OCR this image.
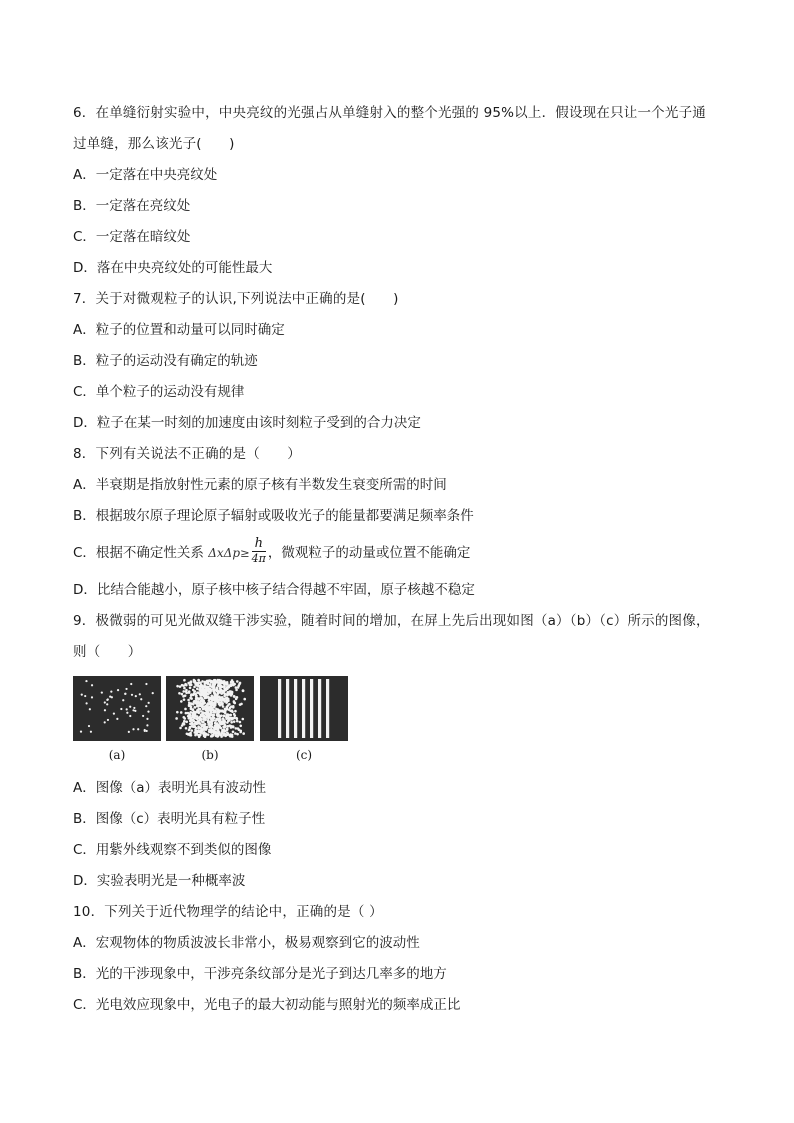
6．在单缝衍射实验中，中央亮纹的光强占从单缝射入的整个光强的 95%以上．假设现在只让一个光子通
过单缝，那么该光子(　　)
A．一定落在中央亮纹处
B．一定落在亮纹处
C．一定落在暗纹处
D．落在中央亮纹处的可能性最大
7．关于对微观粒子的认识,下列说法中正确的是(　　)
A．粒子的位置和动量可以同时确定
B．粒子的运动没有确定的轨迹
C．单个粒子的运动没有规律
D．粒子在某一时刻的加速度由该时刻粒子受到的合力决定
8．下列有关说法不正确的是（　　）
A．半衰期是指放射性元素的原子核有半数发生衰变所需的时间
B．根据玻尔原子理论原子辐射或吸收光子的能量都要满足频率条件
C．根据不确定性关系 $\Delta x\Delta p\ge \frac{h}{4\pi}$ ，微观粒子的动量或位置不能确定
D．比结合能越小，原子核中核子结合得越不牢固，原子核越不稳定
9．极微弱的可见光做双缝干涉实验，随着时间的增加，在屏上先后出现如图（a）（b）（c）所示的图像，
则（　　）
(a)	(b)	(c)
A．图像（a）表明光具有波动性
B．图像（c）表明光具有粒子性
C．用紫外线观察不到类似的图像
D．实验表明光是一种概率波
10．下列关于近代物理学的结论中，正确的是（ ）
A．宏观物体的物质波波长非常小，极易观察到它的波动性
B．光的干涉现象中，干涉亮条纹部分是光子到达几率多的地方
C．光电效应现象中，光电子的最大初动能与照射光的频率成正比
